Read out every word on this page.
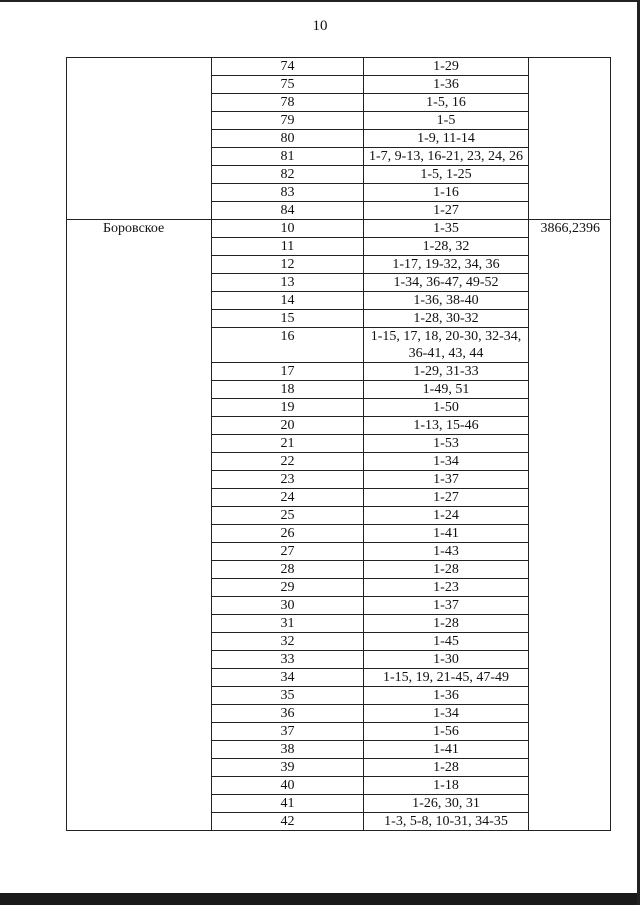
10
	74	1-29	
	75	1-36	
	78	1-5, 16	
	79	1-5	
	80	1-9, 11-14	
	81	1-7, 9-13, 16-21, 23, 24, 26	
	82	1-5, 1-25	
	83	1-16	
	84	1-27	
Боровское	10	1-35	3866,2396
	11	1-28, 32	
	12	1-17, 19-32, 34, 36	
	13	1-34, 36-47, 49-52	
	14	1-36, 38-40	
	15	1-28, 30-32	
	16	1-15, 17, 18, 20-30, 32-34, 36-41, 43, 44	
	17	1-29, 31-33	
	18	1-49, 51	
	19	1-50	
	20	1-13, 15-46	
	21	1-53	
	22	1-34	
	23	1-37	
	24	1-27	
	25	1-24	
	26	1-41	
	27	1-43	
	28	1-28	
	29	1-23	
	30	1-37	
	31	1-28	
	32	1-45	
	33	1-30	
	34	1-15, 19, 21-45, 47-49	
	35	1-36	
	36	1-34	
	37	1-56	
	38	1-41	
	39	1-28	
	40	1-18	
	41	1-26, 30, 31	
	42	1-3, 5-8, 10-31, 34-35	
